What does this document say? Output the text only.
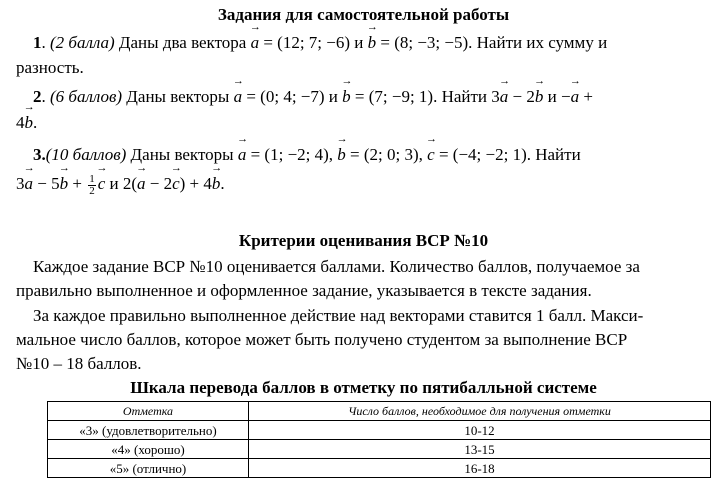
Задания для самостоятельной работы
1. (2 балла) Даны два вектора a → = (12; 7; −6) и b → = (8; −3; −5). Найти их сумму и
разность.
2. (6 баллов) Даны векторы a → = (0; 4; −7) и b → = (7; −9; 1). Найти 3a → − 2b → и −a → +
4b →.
3.(10 баллов) Даны векторы a → = (1; −2; 4), b → = (2; 0; 3), c → = (−4; −2; 1). Найти
3a → − 5b → + $\frac{1}{2}$ c → и 2(a → − 2c →) + 4b →.
Критерии оценивания ВСР №10
Каждое задание ВСР №10 оценивается баллами. Количество баллов, получаемое за
правильно выполненное и оформленное задание, указывается в тексте задания.
За каждое правильно выполненное действие над векторами ставится 1 балл. Макси-
мальное число баллов, которое может быть получено студентом за выполнение ВСР
№10 – 18 баллов.
Шкала перевода баллов в отметку по пятибалльной системе
Отметка	Число баллов, необходимое для получения отметки
«3» (удовлетворительно)	10-12
«4» (хорошо)	13-15
«5» (отлично)	16-18
